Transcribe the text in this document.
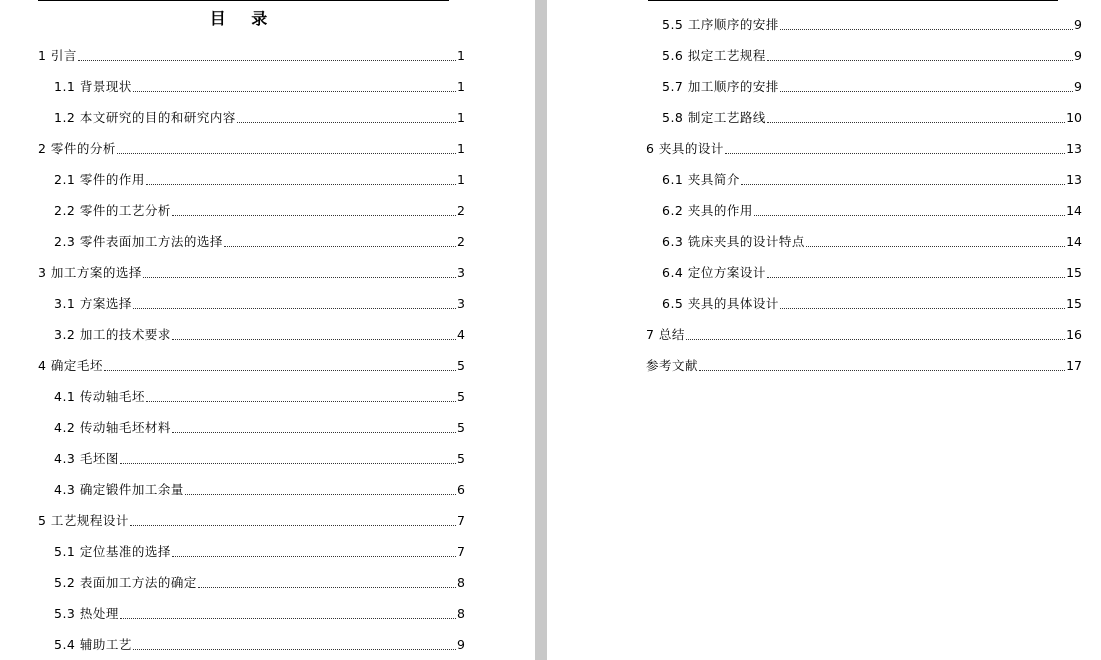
目 录
1 引言	1
1.1 背景现状	1
1.2 本文研究的目的和研究内容	1
2 零件的分析	1
2.1 零件的作用	1
2.2 零件的工艺分析	2
2.3 零件表面加工方法的选择	2
3 加工方案的选择	3
3.1 方案选择	3
3.2 加工的技术要求	4
4 确定毛坯	5
4.1 传动轴毛坯	5
4.2 传动轴毛坯材料	5
4.3 毛坯图	5
4.3 确定锻件加工余量	6
5 工艺规程设计	7
5.1 定位基准的选择	7
5.2 表面加工方法的确定	8
5.3 热处理	8
5.4 辅助工艺	9
5.5 工序顺序的安排	9
5.6 拟定工艺规程	9
5.7 加工顺序的安排	9
5.8 制定工艺路线	10
6 夹具的设计	13
6.1 夹具简介	13
6.2 夹具的作用	14
6.3 铣床夹具的设计特点	14
6.4 定位方案设计	15
6.5 夹具的具体设计	15
7 总结	16
参考文献	17
